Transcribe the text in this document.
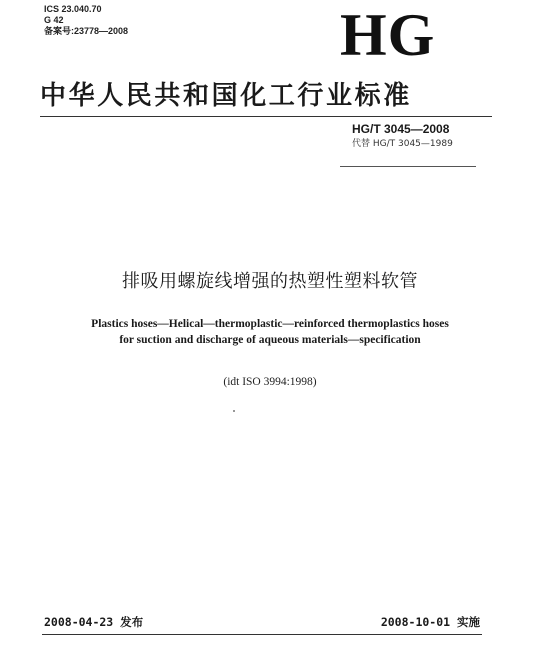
ICS 23.040.70
G 42
备案号:23778—2008	HG
中华人民共和国化工行业标准
HG/T 3045—2008
代替 HG/T 3045—1989
排吸用螺旋线增强的热塑性塑料软管
Plastics hoses—Helical—thermoplastic—reinforced thermoplastics hoses
for suction and discharge of aqueous materials—specification
(idt ISO 3994:1998)
2008-04-23 发布	2008-10-01 实施
